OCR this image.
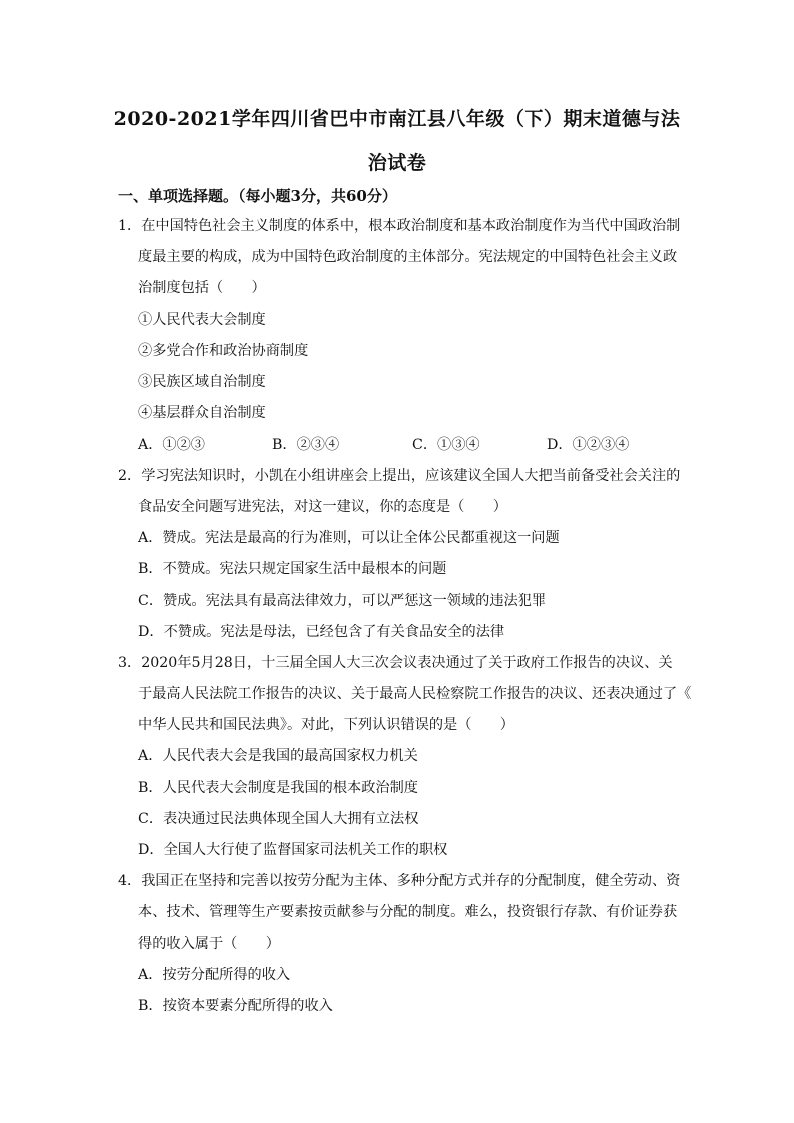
2020-2021学年四川省巴中市南江县八年级（下）期末道德与法
治试卷
一、单项选择题。（每小题3分，共60分）
1．在中国特色社会主义制度的体系中，根本政治制度和基本政治制度作为当代中国政治制
度最主要的构成，成为中国特色政治制度的主体部分。宪法规定的中国特色社会主义政
治制度包括（　　）
①人民代表大会制度
②多党合作和政治协商制度
③民族区域自治制度
④基层群众自治制度
A．①②③	B．②③④	C．①③④	D．①②③④
2．学习宪法知识时，小凯在小组讲座会上提出，应该建议全国人大把当前备受社会关注的
食品安全问题写进宪法，对这一建议，你的态度是（　　）
A．赞成。宪法是最高的行为准则，可以让全体公民都重视这一问题
B．不赞成。宪法只规定国家生活中最根本的问题
C．赞成。宪法具有最高法律效力，可以严惩这一领域的违法犯罪
D．不赞成。宪法是母法，已经包含了有关食品安全的法律
3．2020年5月28日，十三届全国人大三次会议表决通过了关于政府工作报告的决议、关
于最高人民法院工作报告的决议、关于最高人民检察院工作报告的决议、还表决通过了《
中华人民共和国民法典》。对此，下列认识错误的是（　　）
A．人民代表大会是我国的最高国家权力机关
B．人民代表大会制度是我国的根本政治制度
C．表决通过民法典体现全国人大拥有立法权
D．全国人大行使了监督国家司法机关工作的职权
4．我国正在坚持和完善以按劳分配为主体、多种分配方式并存的分配制度，健全劳动、资
本、技术、管理等生产要素按贡献参与分配的制度。难么，投资银行存款、有价证券获
得的收入属于（　　）
A．按劳分配所得的收入
B．按资本要素分配所得的收入
